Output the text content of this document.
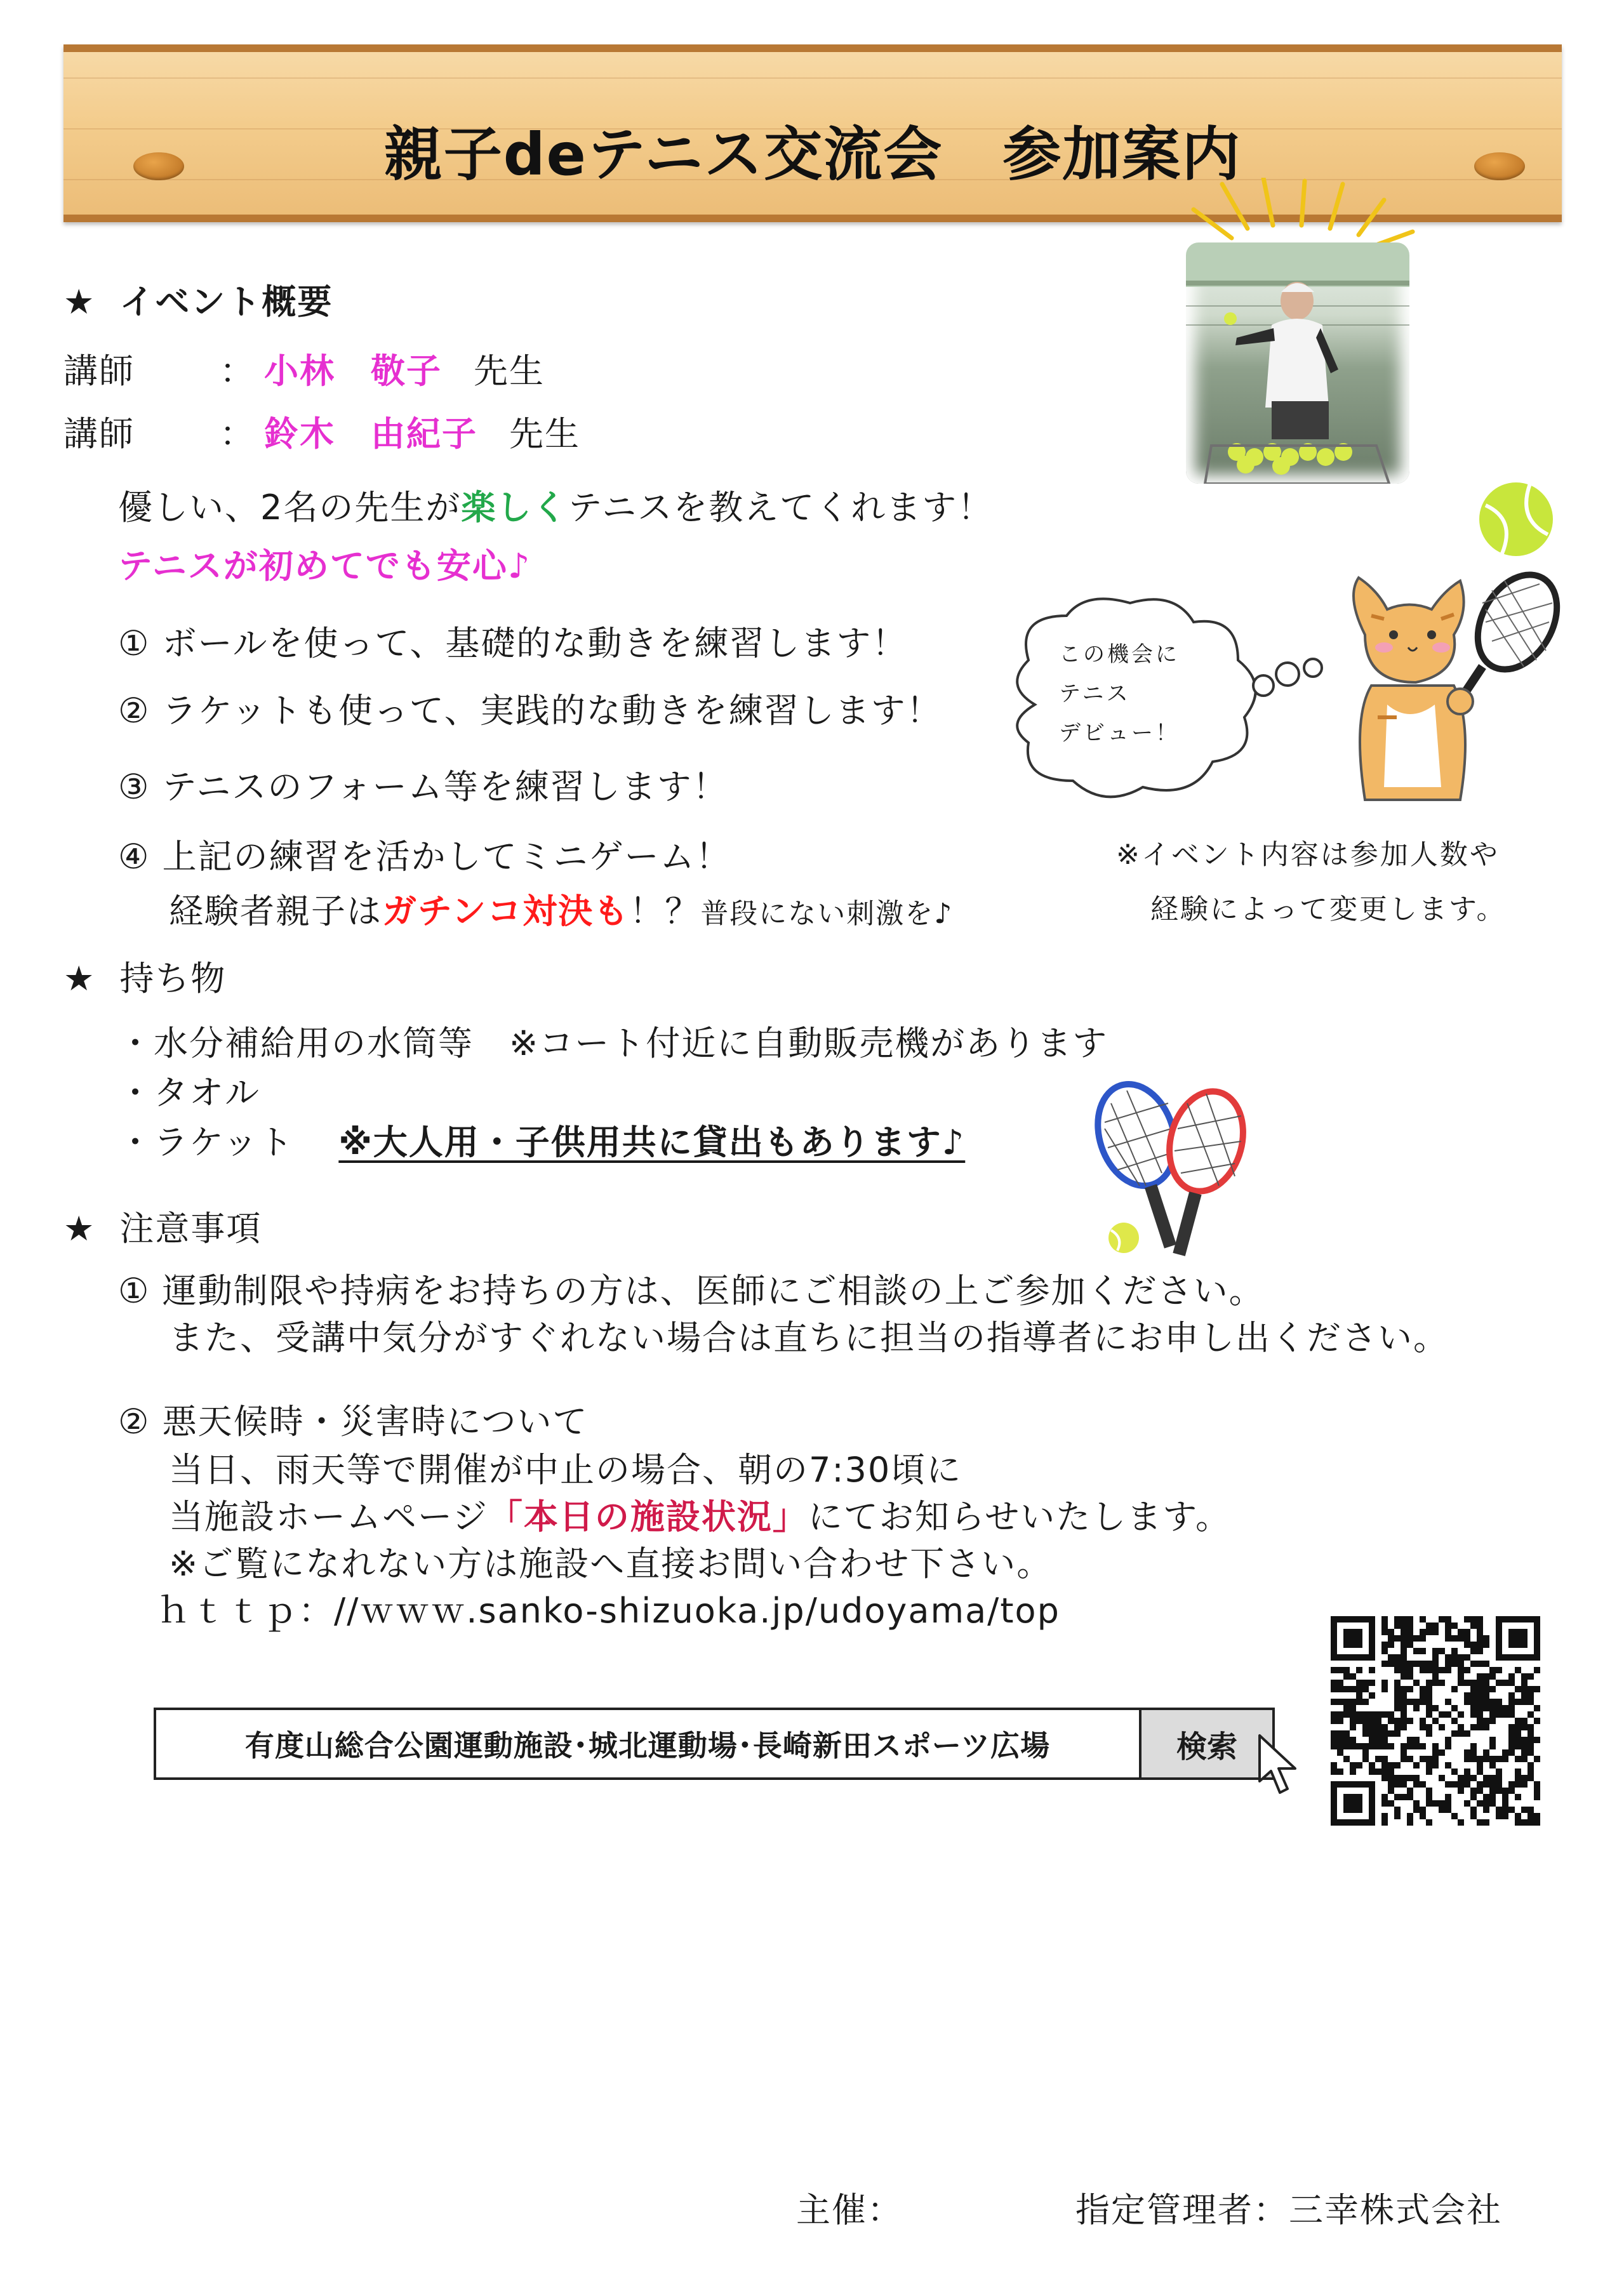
親子deテニス交流会　参加案内
★ イベント概要
講師 ： 小林　敬子 先生
講師 ： 鈴木　由紀子 先生
優しい、2名の先生が楽しくテニスを教えてくれます！
テニスが初めてでも安心♪
① ボールを使って、基礎的な動きを練習します！
② ラケットも使って、実践的な動きを練習します！
③ テニスのフォーム等を練習します！
④ 上記の練習を活かしてミニゲーム！
経験者親子はガチンコ対決も！？普段にない刺激を♪
この機会に
テニス
デビュー！
※イベント内容は参加人数や
経験によって変更します。
★ 持ち物
・水分補給用の水筒等　※コート付近に自動販売機があります
・タオル
・ラケット ※大人用・子供用共に貸出もあります♪
★ 注意事項
① 運動制限や持病をお持ちの方は、医師にご相談の上ご参加ください。
また、受講中気分がすぐれない場合は直ちに担当の指導者にお申し出ください。
② 悪天候時・災害時について
当日、雨天等で開催が中止の場合、朝の7:30頃に
当施設ホームページ「本日の施設状況」にてお知らせいたします。
※ご覧になれない方は施設へ直接お問い合わせ下さい。
ｈｔｔｐ：//ｗｗｗ.sanko-shizuoka.jp/udoyama/top
有度山総合公園運動施設･城北運動場･長崎新田スポーツ広場	検索
主催：	指定管理者：三幸株式会社
